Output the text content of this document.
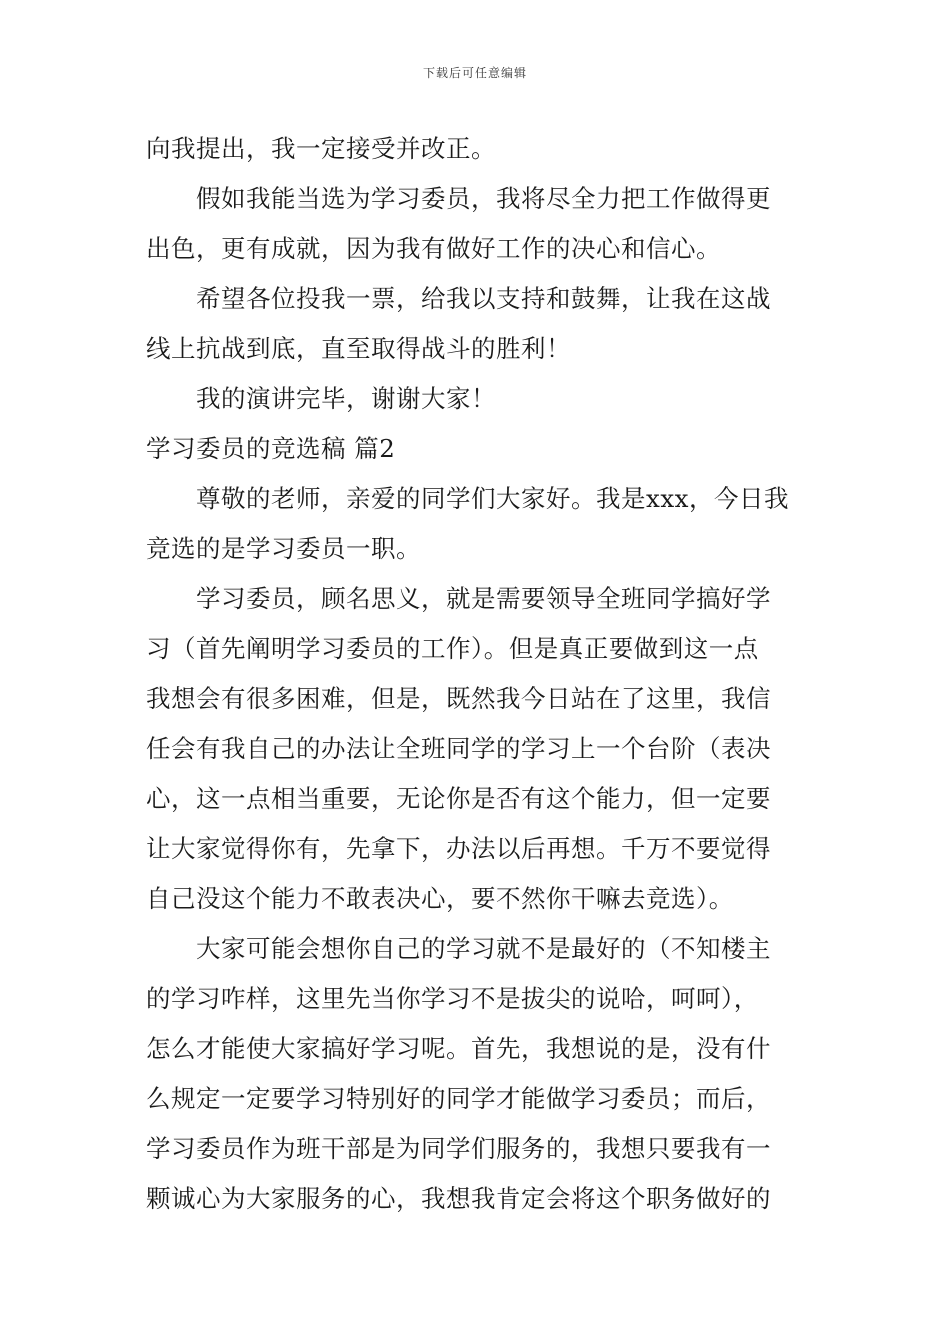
下载后可任意编辑
向我提出，我一定接受并改正。
假如我能当选为学习委员，我将尽全力把工作做得更
出色，更有成就，因为我有做好工作的决心和信心。
希望各位投我一票，给我以支持和鼓舞，让我在这战
线上抗战到底，直至取得战斗的胜利！
我的演讲完毕，谢谢大家！
学习委员的竞选稿 篇2
尊敬的老师，亲爱的同学们大家好。我是xxx，今日我
竞选的是学习委员一职。
学习委员，顾名思义，就是需要领导全班同学搞好学
习（首先阐明学习委员的工作）。但是真正要做到这一点
我想会有很多困难，但是，既然我今日站在了这里，我信
任会有我自己的办法让全班同学的学习上一个台阶（表决
心，这一点相当重要，无论你是否有这个能力，但一定要
让大家觉得你有，先拿下，办法以后再想。千万不要觉得
自己没这个能力不敢表决心，要不然你干嘛去竞选）。
大家可能会想你自己的学习就不是最好的（不知楼主
的学习咋样，这里先当你学习不是拔尖的说哈，呵呵），
怎么才能使大家搞好学习呢。首先，我想说的是，没有什
么规定一定要学习特别好的同学才能做学习委员；而后，
学习委员作为班干部是为同学们服务的，我想只要我有一
颗诚心为大家服务的心，我想我肯定会将这个职务做好的
